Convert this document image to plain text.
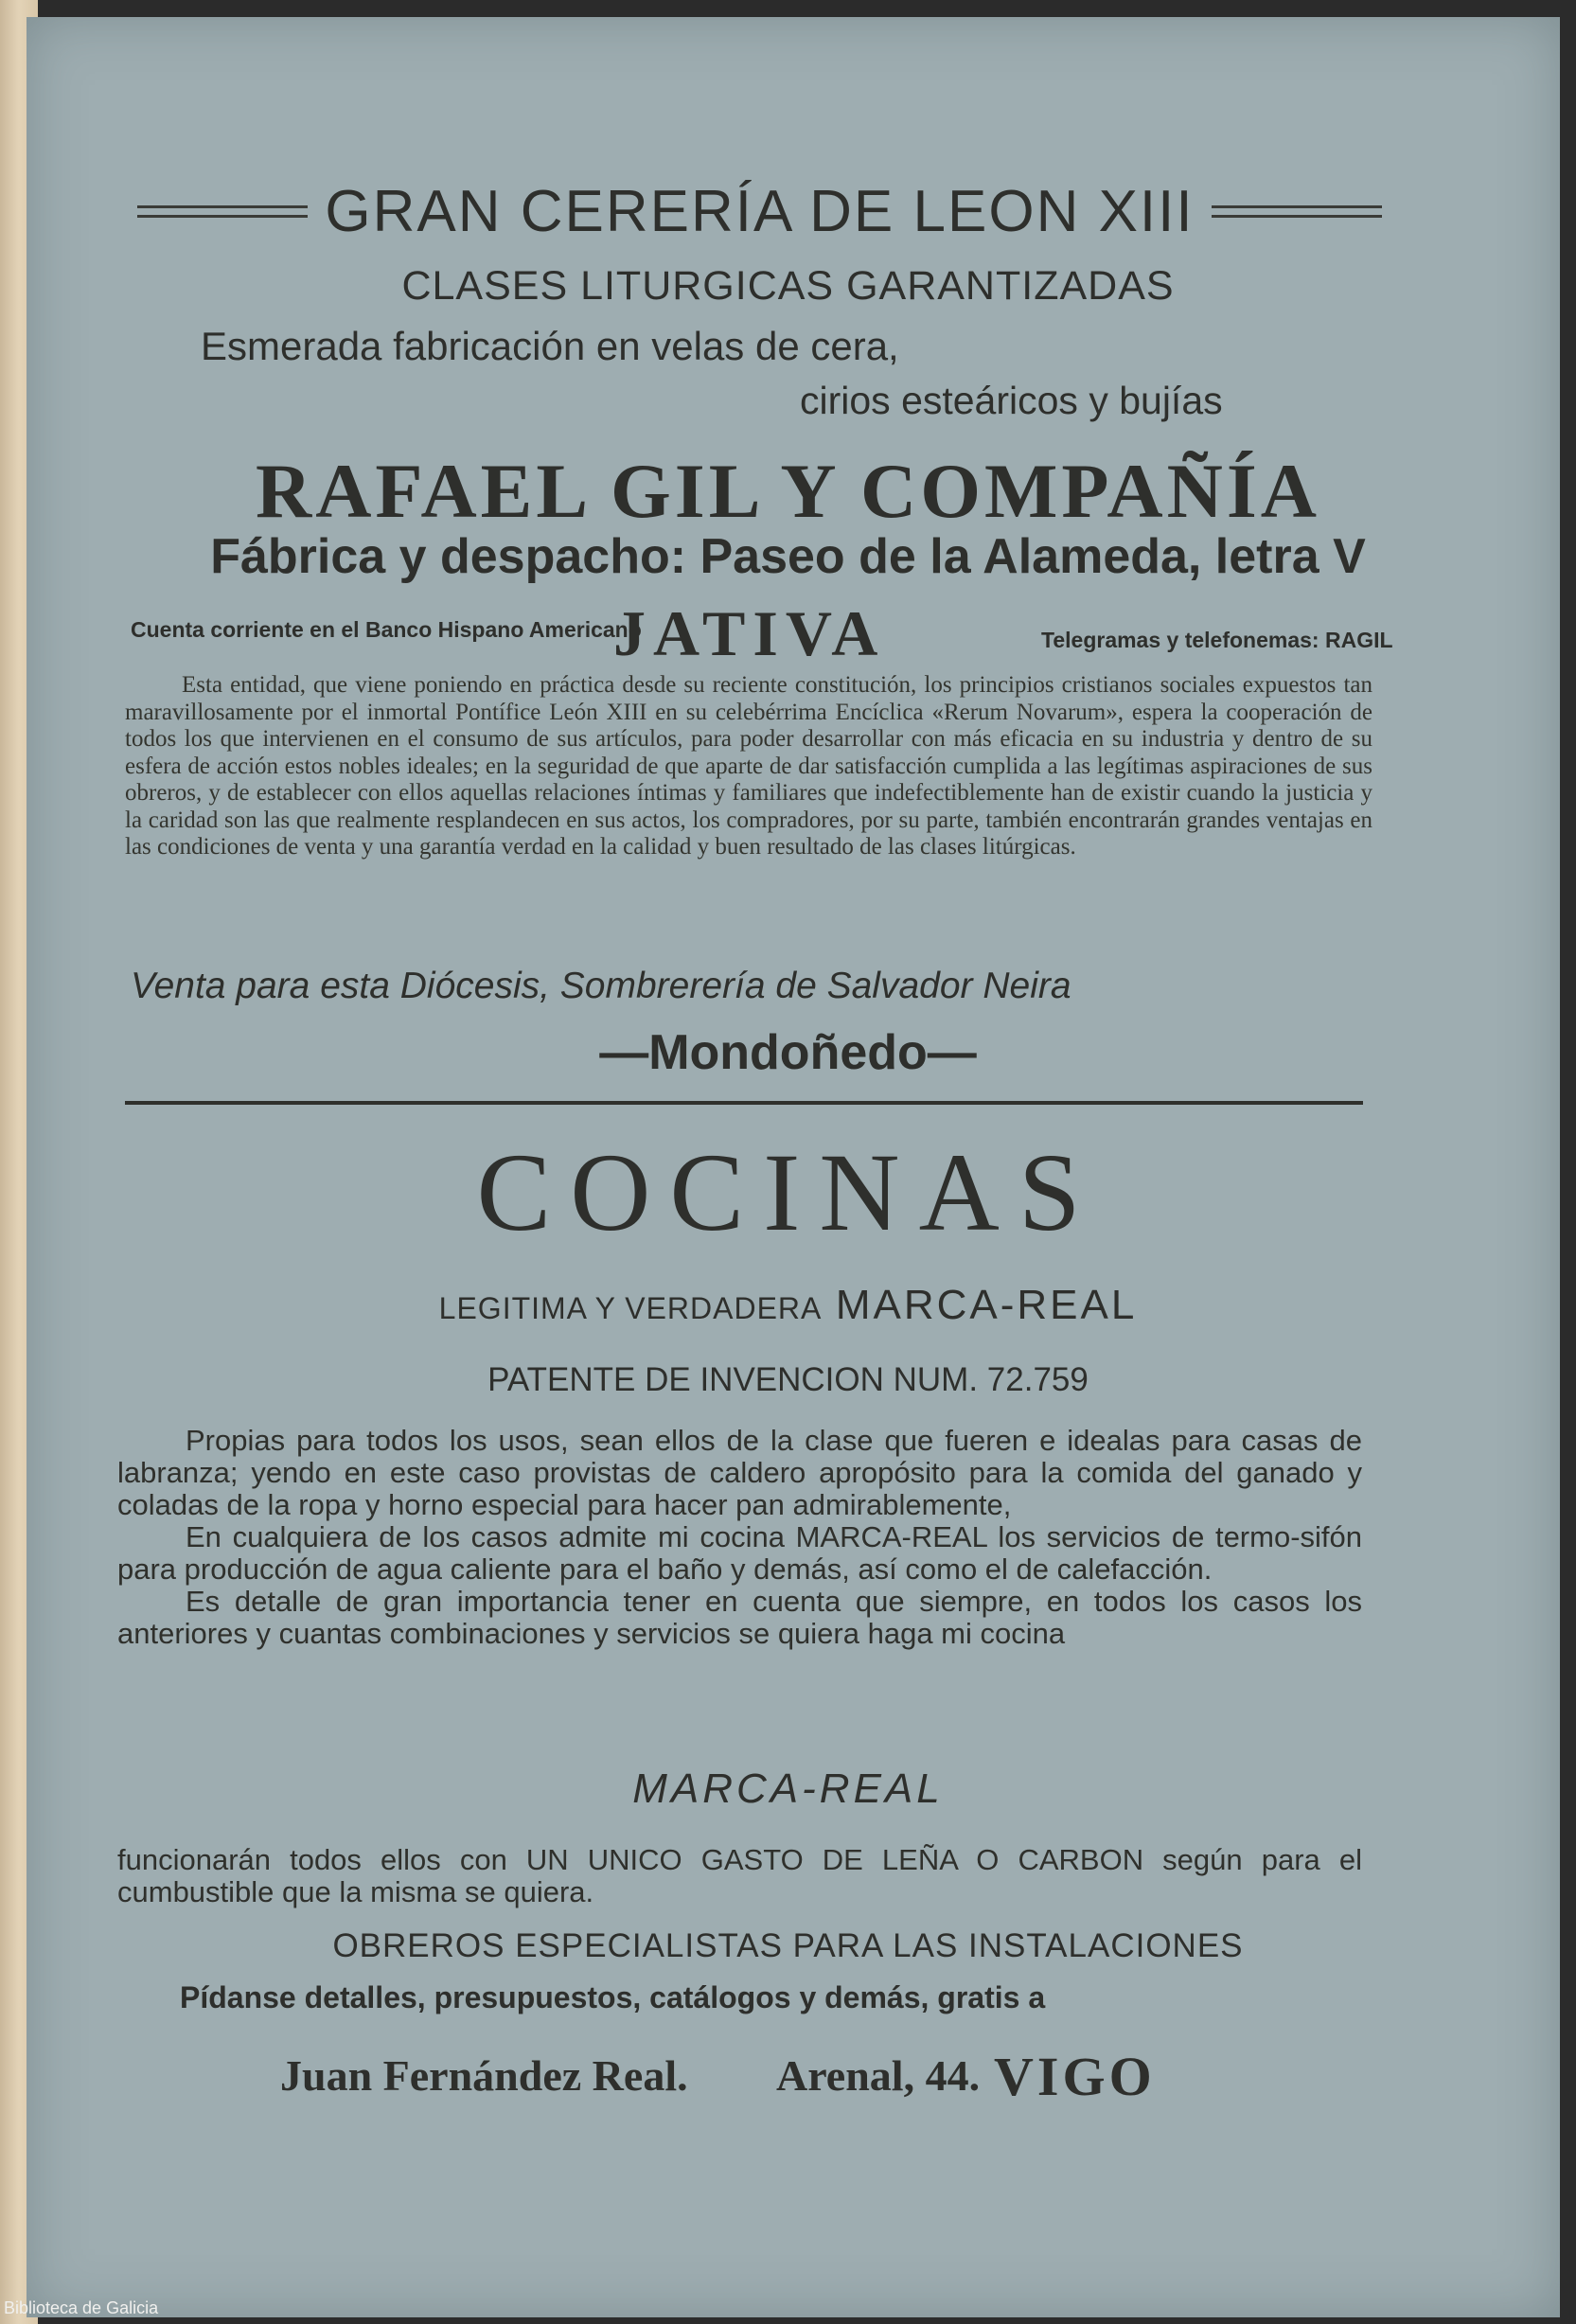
GRAN CERERÍA DE LEON XIII
CLASES LITURGICAS GARANTIZADAS
Esmerada fabricación en velas de cera,
cirios esteáricos y bujías
RAFAEL GIL Y COMPAÑÍA
Fábrica y despacho: Paseo de la Alameda, letra V
Cuenta corriente en el Banco Hispano Americano
JATIVA	Telegramas y telefonemas: RAGIL
Esta entidad, que viene poniendo en práctica desde su reciente constitución, los principios cristianos sociales expuestos tan maravillosamente por el inmortal Pontífice León XIII en su celebérrima Encíclica «Rerum Novarum», espera la cooperación de todos los que intervienen en el consumo de sus artículos, para poder desarrollar con más eficacia en su industria y dentro de su esfera de acción estos nobles ideales; en la seguridad de que aparte de dar satisfacción cumplida a las legítimas aspiraciones de sus obreros, y de establecer con ellos aquellas relaciones íntimas y familiares que indefectiblemente han de existir cuando la justicia y la caridad son las que realmente resplandecen en sus actos, los compradores, por su parte, también encontrarán grandes ventajas en las condiciones de venta y una garantía verdad en la calidad y buen resultado de las clases litúrgicas.
Venta para esta Diócesis, Sombrerería de Salvador Neira
—Mondoñedo—
COCINAS
LEGITIMA Y VERDADERA MARCA-REAL
PATENTE DE INVENCION NUM. 72.759

Propias para todos los usos, sean ellos de la clase que fueren e idealas para casas de labranza; yendo en este caso provistas de caldero apropósito para la comida del ganado y coladas de la ropa y horno especial para hacer pan admirablemente,

En cualquiera de los casos admite mi cocina MARCA-REAL los servicios de termo-sifón para producción de agua caliente para el baño y demás, así como el de calefacción.

Es detalle de gran importancia tener en cuenta que siempre, en todos los casos los anteriores y cuantas combinaciones y servicios se quiera haga mi cocina

MARCA-REAL
funcionarán todos ellos con UN UNICO GASTO DE LEÑA O CARBON según para el cumbustible que la misma se quiera.
OBREROS ESPECIALISTAS PARA LAS INSTALACIONES
Pídanse detalles, presupuestos, catálogos y demás, gratis a
Juan Fernández Real. Arenal, 44. VIGO
Biblioteca de Galicia
